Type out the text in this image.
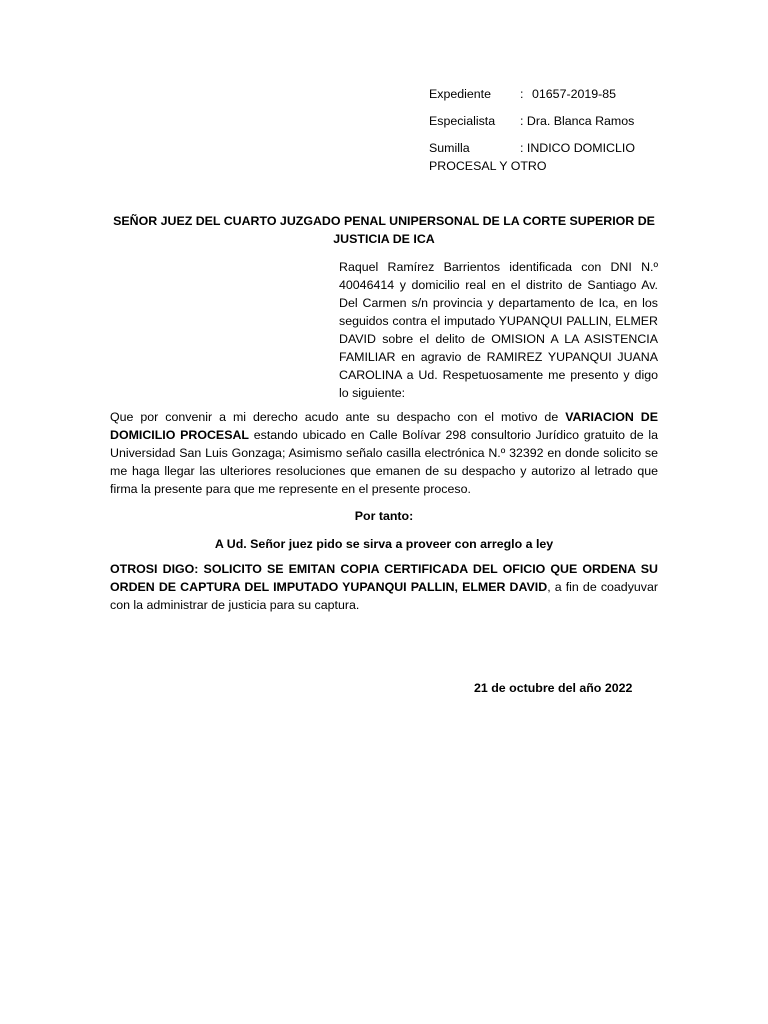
Expediente : 01657-2019-85
Especialista : Dra. Blanca Ramos
Sumilla	: INDICO DOMICLIO PROCESAL Y OTRO
SEÑOR JUEZ DEL CUARTO JUZGADO PENAL UNIPERSONAL DE LA CORTE SUPERIOR DE JUSTICIA DE ICA
Raquel Ramírez Barrientos identificada con DNI N.º 40046414 y domicilio real en el distrito de Santiago Av. Del Carmen s/n provincia y departamento de Ica, en los seguidos contra el imputado YUPANQUI PALLIN, ELMER DAVID sobre el delito de OMISION A LA ASISTENCIA FAMILIAR en agravio de RAMIREZ YUPANQUI JUANA CAROLINA a Ud. Respetuosamente me presento y digo lo siguiente:
Que por convenir a mi derecho acudo ante su despacho con el motivo de VARIACION DE DOMICILIO PROCESAL estando ubicado en Calle Bolívar 298 consultorio Jurídico gratuito de la Universidad San Luis Gonzaga; Asimismo señalo casilla electrónica N.º 32392 en donde solicito se me haga llegar las ulteriores resoluciones que emanen de su despacho y autorizo al letrado que firma la presente para que me represente en el presente proceso.
Por tanto:
A Ud. Señor juez pido se sirva a proveer con arreglo a ley
OTROSI DIGO: SOLICITO SE EMITAN COPIA CERTIFICADA DEL OFICIO QUE ORDENA SU ORDEN DE CAPTURA DEL IMPUTADO YUPANQUI PALLIN, ELMER DAVID, a fin de coadyuvar con la administrar de justicia para su captura.
21 de octubre del año 2022
